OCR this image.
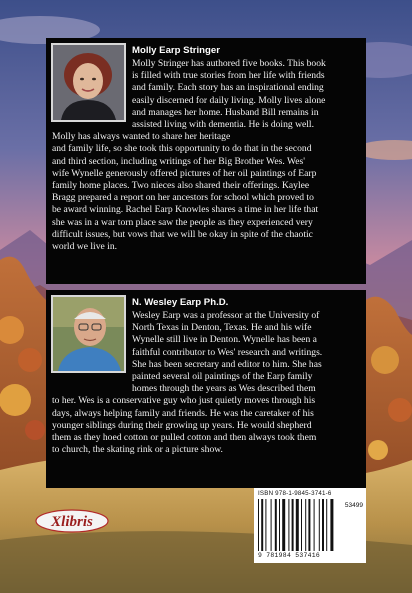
Molly Earp Stringer
Molly Stringer has authored five books. This book
is filled with true stories from her life with friends
and family. Each story has an inspirational ending
easily discerned for daily living. Molly lives alone
and manages her home. Husband Bill remains in
assisted living with dementia. He is doing well.
Molly has always wanted to share her heritage
and family life, so she took this opportunity to do that in the second
and third section, including writings of her Big Brother Wes. Wes'
wife Wynelle generously offered pictures of her oil paintings of Earp
family home places. Two nieces also shared their offerings. Kaylee
Bragg prepared a report on her ancestors for school which proved to
be award winning. Rachel Earp Knowles shares a time in her life that
she was in a war torn place saw the people as they experienced very
difficult issues, but vows that we will be okay in spite of the chaotic
world we live in.
N. Wesley Earp Ph.D.
Wesley Earp was a professor at the University of
North Texas in Denton, Texas. He and his wife
Wynelle still live in Denton. Wynelle has been a
faithful contributor to Wes' research and writings.
She has been secretary and editor to him. She has
painted several oil paintings of the Earp family
homes through the years as Wes described them
to her. Wes is a conservative guy who just quietly moves through his
days, always helping family and friends. He was the caretaker of his
younger siblings during their growing up years. He would shepherd
them as they hoed cotton or pulled cotton and then always took them
to church, the skating rink or a picture show.
Xlibris
ISBN 978-1-9845-3741-6
53499
9 781984 537416
